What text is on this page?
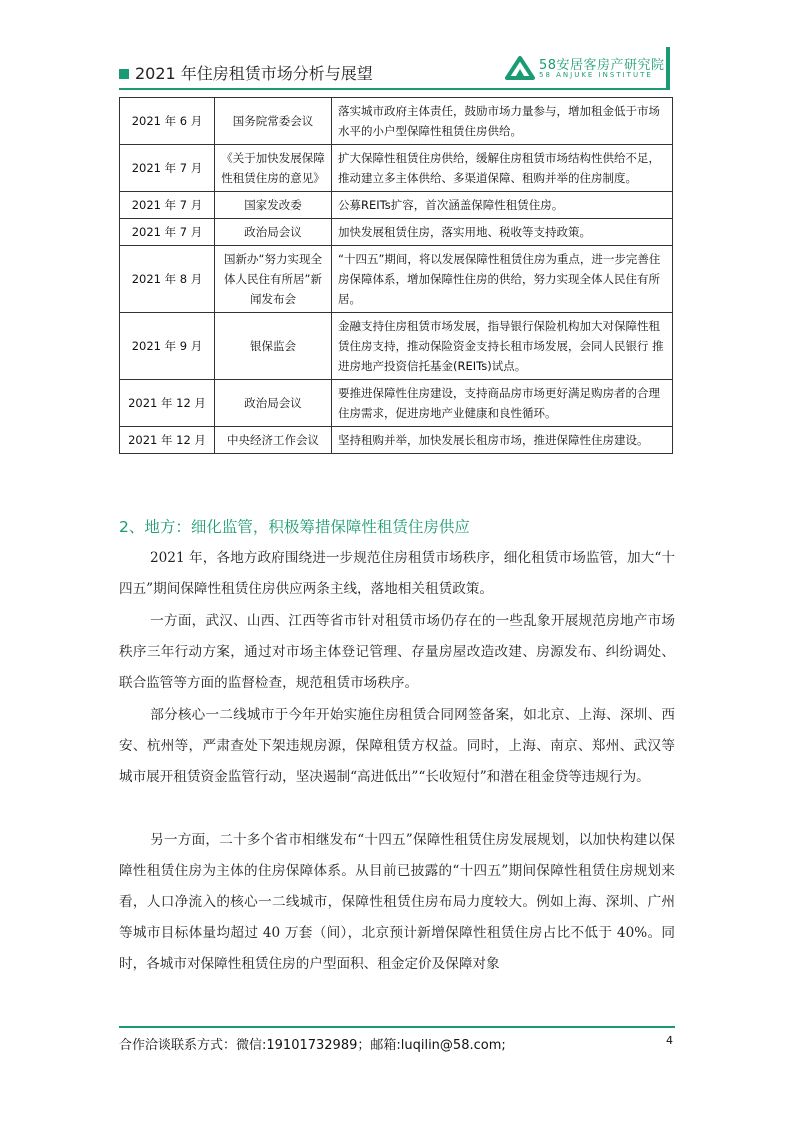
2021 年住房租赁市场分析与展望	58安居客房产研究院
58 ANJUKE INSTITUTE
2021 年 6 月	国务院常委会议	落实城市政府主体责任，鼓励市场力量参与，增加租金低于市场水平的小户型保障性租赁住房供给。
2021 年 7 月	《关于加快发展保障性租赁住房的意见》	扩大保障性租赁住房供给，缓解住房租赁市场结构性供给不足，推动建立多主体供给、多渠道保障、租购并举的住房制度。
2021 年 7 月	国家发改委	公募REITs扩容，首次涵盖保障性租赁住房。
2021 年 7 月	政治局会议	加快发展租赁住房，落实用地、税收等支持政策。
2021 年 8 月	国新办“努力实现全体人民住有所居”新闻发布会	“十四五”期间，将以发展保障性租赁住房为重点，进一步完善住房保障体系，增加保障性住房的供给，努力实现全体人民住有所居。
2021 年 9 月	银保监会	金融支持住房租赁市场发展，指导银行保险机构加大对保障性租赁住房支持，推动保险资金支持长租市场发展，会同人民银行 推进房地产投资信托基金(REITs)试点。
2021 年 12 月	政治局会议	要推进保障性住房建设，支持商品房市场更好满足购房者的合理住房需求，促进房地产业健康和良性循环。
2021 年 12 月	中央经济工作会议	坚持租购并举，加快发展长租房市场，推进保障性住房建设。
2、地方：细化监管，积极筹措保障性租赁住房供应
2021 年，各地方政府围绕进一步规范住房租赁市场秩序，细化租赁市场监管，加大“十四五”期间保障性租赁住房供应两条主线，落地相关租赁政策。
一方面，武汉、山西、江西等省市针对租赁市场仍存在的一些乱象开展规范房地产市场秩序三年行动方案，通过对市场主体登记管理、存量房屋改造改建、房源发布、纠纷调处、联合监管等方面的监督检查，规范租赁市场秩序。
部分核心一二线城市于今年开始实施住房租赁合同网签备案，如北京、上海、深圳、西安、杭州等，严肃查处下架违规房源，保障租赁方权益。同时，上海、南京、郑州、武汉等城市展开租赁资金监管行动，坚决遏制“高进低出”“长收短付”和潜在租金贷等违规行为。
另一方面，二十多个省市相继发布“十四五”保障性租赁住房发展规划，以加快构建以保障性租赁住房为主体的住房保障体系。从目前已披露的“十四五”期间保障性租赁住房规划来看，人口净流入的核心一二线城市，保障性租赁住房布局力度较大。例如上海、深圳、广州等城市目标体量均超过 40 万套（间），北京预计新增保障性租赁住房占比不低于 40%。同时，各城市对保障性租赁住房的户型面积、租金定价及保障对象
合作洽谈联系方式：微信:19101732989；邮箱:luqilin@58.com;	4
